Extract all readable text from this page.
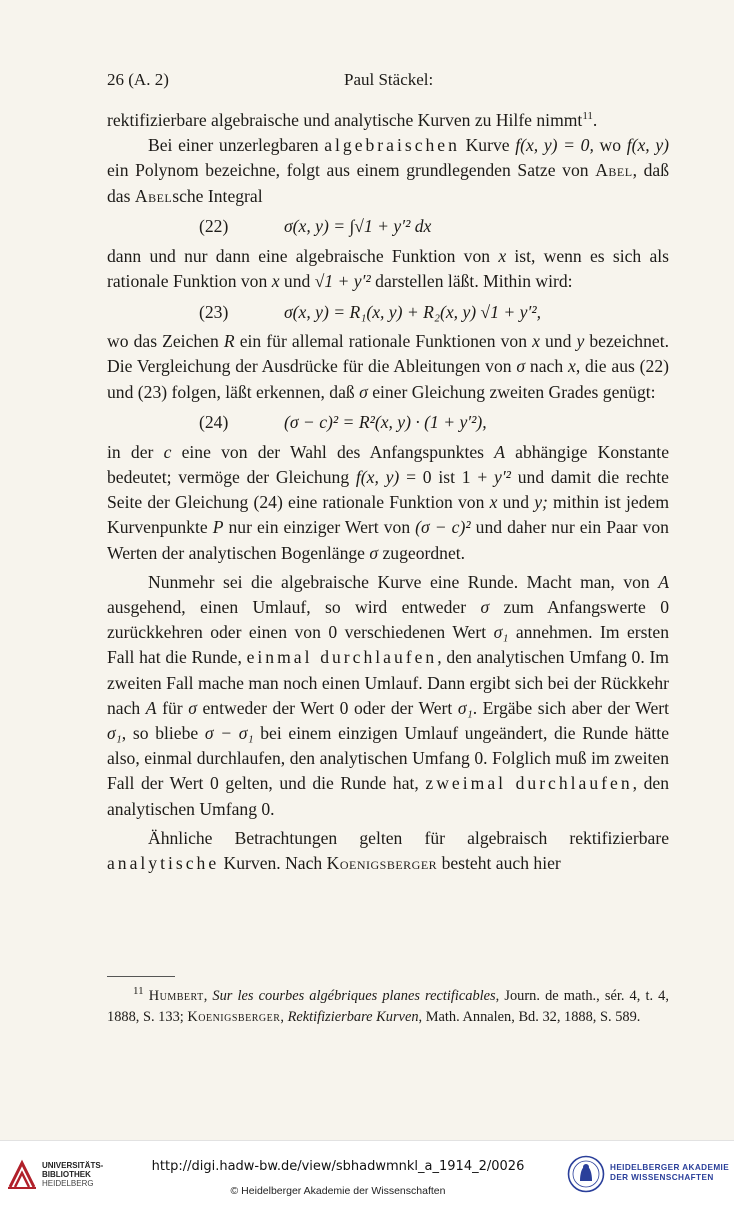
26 (A. 2)	Paul Stäckel:

rektifizierbare algebraische und analytische Kurven zu Hilfe nimmt$^{11}$.

Bei einer unzerlegbaren algebraischen Kurve f(x, y) = 0, wo f(x, y) ein Polynom bezeichne, folgt aus einem grundlegenden Satze von Abel, daß das Abelsche Integral

(22)	σ(x, y) = ∫√1 + y′² dx

dann und nur dann eine algebraische Funktion von x ist, wenn es sich als rationale Funktion von x und √1 + y′² darstellen läßt. Mithin wird:

(23)	σ(x, y) = R₁(x, y) + R₂(x, y) √1 + y′²,

wo das Zeichen R ein für allemal rationale Funktionen von x und y bezeichnet. Die Vergleichung der Ausdrücke für die Ableitungen von σ nach x, die aus (22) und (23) folgen, läßt erkennen, daß σ einer Gleichung zweiten Grades genügt:

(24)	(σ − c)² = R²(x, y) · (1 + y′²),

in der c eine von der Wahl des Anfangspunktes A abhängige Konstante bedeutet; vermöge der Gleichung f(x, y) = 0 ist 1 + y′² und damit die rechte Seite der Gleichung (24) eine rationale Funktion von x und y; mithin ist jedem Kurvenpunkte P nur ein einziger Wert von (σ − c)² und daher nur ein Paar von Werten der analytischen Bogenlänge σ zugeordnet.

Nunmehr sei die algebraische Kurve eine Runde. Macht man, von A ausgehend, einen Umlauf, so wird entweder σ zum Anfangswerte 0 zurückkehren oder einen von 0 verschiedenen Wert σ₁ annehmen. Im ersten Fall hat die Runde, einmal durchlaufen, den analytischen Umfang 0. Im zweiten Fall mache man noch einen Umlauf. Dann ergibt sich bei der Rückkehr nach A für σ entweder der Wert 0 oder der Wert σ₁. Ergäbe sich aber der Wert σ₁, so bliebe σ − σ₁ bei einem einzigen Umlauf ungeändert, die Runde hätte also, einmal durchlaufen, den analytischen Umfang 0. Folglich muß im zweiten Fall der Wert 0 gelten, und die Runde hat, zweimal durchlaufen, den analytischen Umfang 0.

Ähnliche Betrachtungen gelten für algebraisch rektifizierbare analytische Kurven. Nach Koenigsberger besteht auch hier

$^{11}$ Humbert, Sur les courbes algébriques planes rectificables, Journ. de math., sér. 4, t. 4, 1888, S. 133; Koenigsberger, Rektifizierbare Kurven, Math. Annalen, Bd. 32, 1888, S. 589.

UNIVERSITÄTS-
BIBLIOTHEK
HEIDELBERG
http://digi.hadw-bw.de/view/sbhadwmnkl_a_1914_2/0026
© Heidelberger Akademie der Wissenschaften
HEIDELBERGER AKADEMIE
DER WISSENSCHAFTEN
